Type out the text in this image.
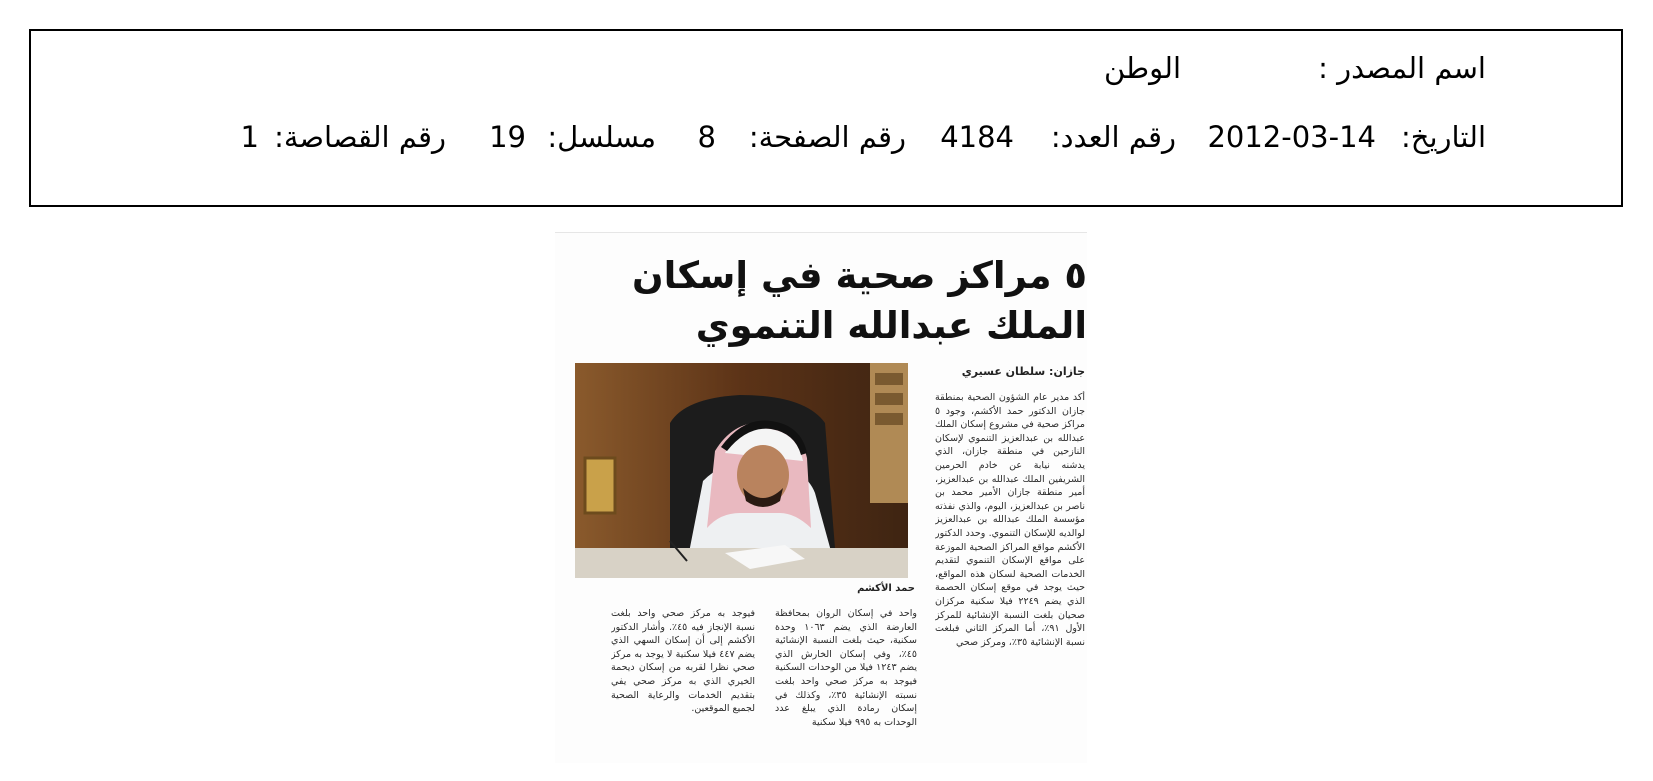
اسم المصدر :
الوطن
التاريخ:
2012-03-14
رقم العدد:
4184
رقم الصفحة:
8
مسلسل:
19
رقم القصاصة:
1
٥ مراكز صحية في إسكان الملك عبدالله التنموي
جازان: سلطان عسيري
حمد الأكشم
أكد مدير عام الشؤون الصحية بمنطقة جازان الدكتور حمد الأكشم، وجود ٥ مراكز صحية في مشروع إسكان الملك عبدالله بن عبدالعزيز التنموي لإسكان النازحين في منطقة جازان، الذي يدشنه نيابة عن خادم الحرمين الشريفين الملك عبدالله بن عبدالعزيز، أمير منطقة جازان الأمير محمد بن ناصر بن عبدالعزيز، اليوم، والذي نفذته مؤسسة الملك عبدالله بن عبدالعزيز لوالديه للإسكان التنموي. وحدد الدكتور الأكشم مواقع المراكز الصحية الموزعة على مواقع الإسكان التنموي لتقديم الخدمات الصحية لسكان هذه المواقع، حيث يوجد في موقع إسكان الحصمة الذي يضم ٢٢٤٩ فيلا سكنية مركزان صحيان بلغت النسبة الإنشائية للمركز الأول ٩١٪، أما المركز الثاني فبلغت نسبة الإنشائية ٣٥٪، ومركز صحي
واحد في إسكان الروان بمحافظة العارضة الذي يضم ١٠٦٣ وحدة سكنية، حيث بلغت النسبة الإنشائية ٤٥٪، وفي إسكان الخارش الذي يضم ١٢٤٣ فيلا من الوحدات السكنية فيوجد به مركز صحي واحد بلغت نسبته الإنشائية ٣٥٪، وكذلك في إسكان رمادة الذي يبلغ عدد الوحدات به ٩٩٥ فيلا سكنية
فيوجد به مركز صحي واحد بلغت نسبة الإنجاز فيه ٤٥٪. وأشار الدكتور الأكشم إلى أن إسكان السهي الذي يضم ٤٤٧ فيلا سكنية لا يوجد به مركز صحي نظرا لقربه من إسكان ديحمة الخيري الذي به مركز صحي يفي بتقديم الخدمات والرعاية الصحية لجميع الموقعين.
